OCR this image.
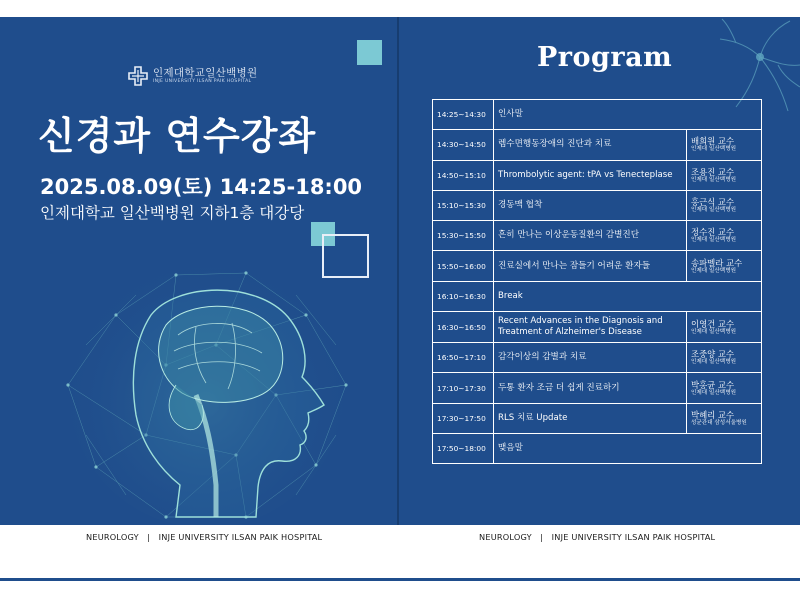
인제대학교일산백병원
INJE UNIVERSITY ILSAN PAIK HOSPITAL
신경과 연수강좌
2025.08.09(토) 14:25-18:00
인제대학교 일산백병원 지하1층 대강당
Program
14:25~14:30	인사말	
14:30~14:50	렘수면행동장애의 진단과 치료	배희원 교수
인제대 일산백병원

14:50~15:10	Thrombolytic agent: tPA vs Tenecteplase	조용진 교수
인제대 일산백병원

15:10~15:30	경동맥 협착	홍근식 교수
인제대 일산백병원

15:30~15:50	흔히 만나는 이상운동질환의 감별진단	정수진 교수
인제대 일산백병원

15:50~16:00	진료실에서 만나는 잠들기 어려운 환자들	송파멜라 교수
인제대 일산백병원

16:10~16:30	Break	
16:30~16:50	Recent Advances in the Diagnosis and Treatment of Alzheimer's Disease	이영건 교수
인제대 일산백병원

16:50~17:10	감각이상의 감별과 치료	조중양 교수
인제대 일산백병원

17:10~17:30	두통 환자 조금 더 쉽게 진료하기	박홍균 교수
인제대 일산백병원

17:30~17:50	RLS 치료 Update	박혜리 교수
성균관대 삼성서울병원

17:50~18:00	맺음말	
NEUROLOGY   |   INJE UNIVERSITY ILSAN PAIK HOSPITAL	NEUROLOGY   |   INJE UNIVERSITY ILSAN PAIK HOSPITAL
